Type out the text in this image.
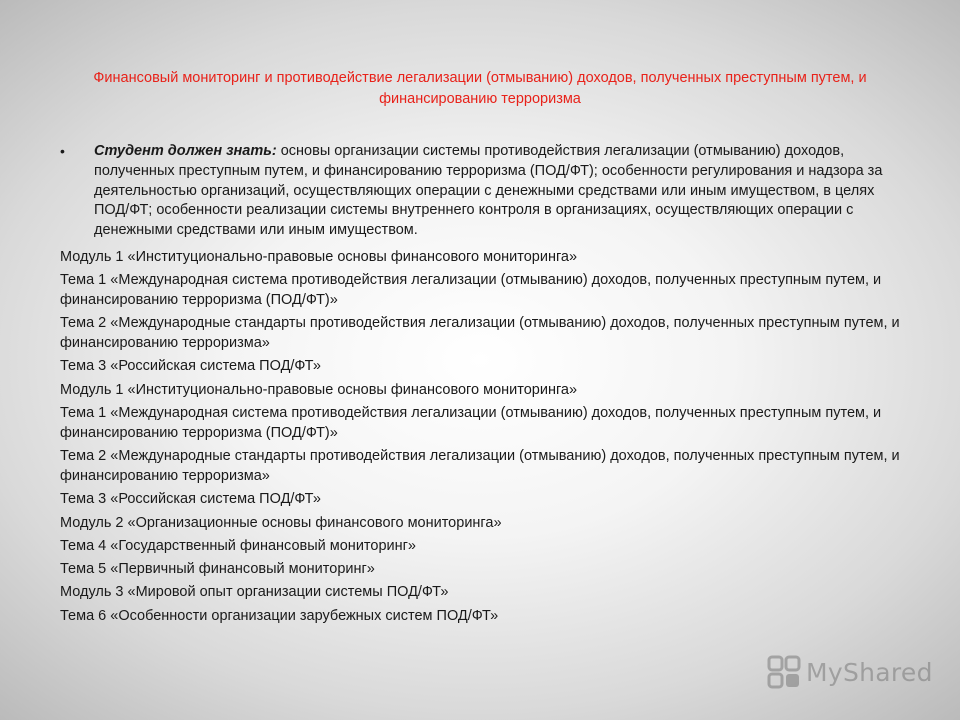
Финансовый мониторинг и противодействие легализации (отмыванию) доходов, полученных преступным путем, и финансированию терроризма
• Студент должен знать: основы организации системы противодействия легализации (отмыванию) доходов, полученных преступным путем, и финансированию терроризма (ПОД/ФТ); особенности регулирования и надзора за деятельностью организаций, осуществляющих операции с денежными средствами или иным имуществом, в целях ПОД/ФТ; особенности реализации системы внутреннего контроля в организациях, осуществляющих операции с денежными средствами или иным имуществом.
Модуль 1 «Институционально-правовые основы финансового мониторинга»
Тема 1 «Международная система противодействия легализации (отмыванию) доходов, полученных преступным путем, и финансированию терроризма (ПОД/ФТ)»
Тема 2 «Международные стандарты противодействия легализации (отмыванию) доходов, полученных преступным путем, и финансированию терроризма»
Тема 3 «Российская система ПОД/ФТ»
Модуль 1 «Институционально-правовые основы финансового мониторинга»
Тема 1 «Международная система противодействия легализации (отмыванию) доходов, полученных преступным путем, и финансированию терроризма (ПОД/ФТ)»
Тема 2 «Международные стандарты противодействия легализации (отмыванию) доходов, полученных преступным путем, и финансированию терроризма»
Тема 3 «Российская система ПОД/ФТ»
Модуль 2 «Организационные основы финансового мониторинга»
Тема 4 «Государственный финансовый мониторинг»
Тема 5 «Первичный финансовый мониторинг»
Модуль 3 «Мировой опыт организации системы ПОД/ФТ»
Тема 6 «Особенности организации зарубежных систем ПОД/ФТ»
MyShared
